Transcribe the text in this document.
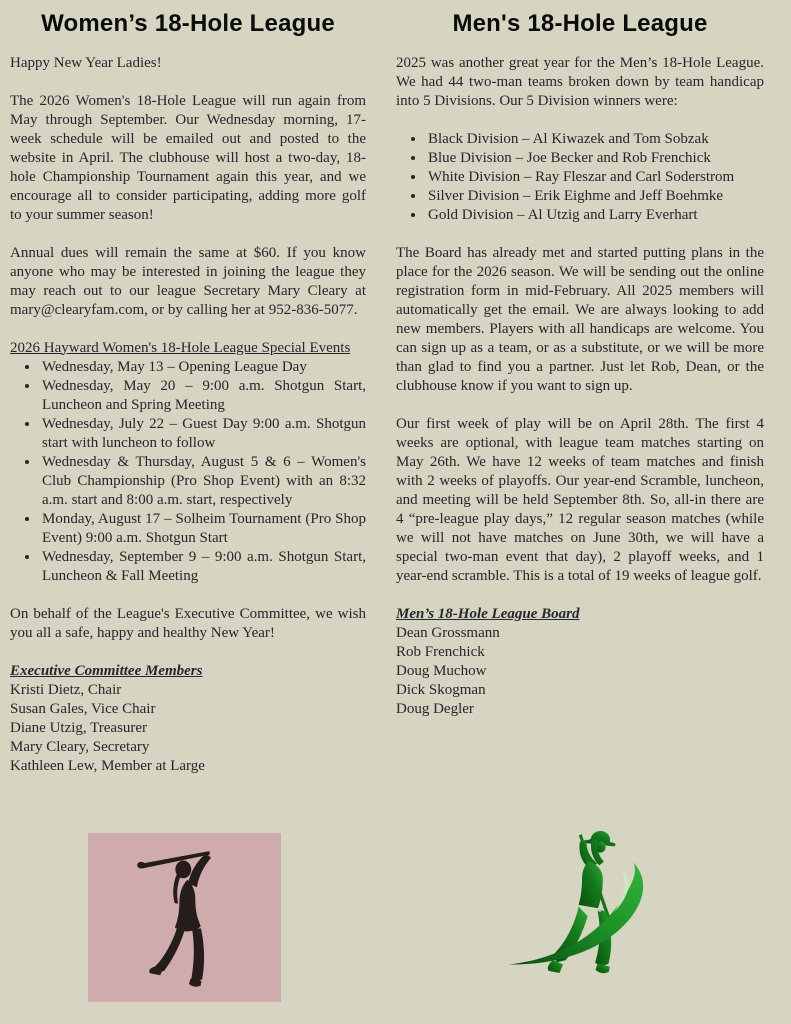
Women’s 18-Hole League

Happy New Year Ladies!

The 2026 Women's 18-Hole League will run again from May through September. Our Wednesday morning, 17-week schedule will be emailed out and posted to the website in April. The clubhouse will host a two-day, 18-hole Championship Tournament again this year, and we encourage all to consider participating, adding more golf to your summer season!

Annual dues will remain the same at $60. If you know anyone who may be interested in joining the league they may reach out to our league Secretary Mary Cleary at mary@clearyfam.com, or by calling her at 952-836-5077.

2026 Hayward Women's 18-Hole League Special Events
• Wednesday, May 13 – Opening League Day
• Wednesday, May 20 – 9:00 a.m. Shotgun Start, Luncheon and Spring Meeting
• Wednesday, July 22 – Guest Day 9:00 a.m. Shotgun start with luncheon to follow
• Wednesday & Thursday, August 5 & 6 – Women's Club Championship (Pro Shop Event) with an 8:32 a.m. start and 8:00 a.m. start, respectively
• Monday, August 17 – Solheim Tournament (Pro Shop Event) 9:00 a.m. Shotgun Start
• Wednesday, September 9 – 9:00 a.m. Shotgun Start, Luncheon & Fall Meeting

On behalf of the League's Executive Committee, we wish you all a safe, happy and healthy New Year!

Executive Committee Members
Kristi Dietz, Chair
Susan Gales, Vice Chair
Diane Utzig, Treasurer
Mary Cleary, Secretary
Kathleen Lew, Member at Large
Men's 18-Hole League

2025 was another great year for the Men’s 18-Hole League. We had 44 two-man teams broken down by team handicap into 5 Divisions. Our 5 Division winners were:

• Black Division – Al Kiwazek and Tom Sobzak
• Blue Division – Joe Becker and Rob Frenchick
• White Division – Ray Fleszar and Carl Soderstrom
• Silver Division – Erik Eighme and Jeff Boehmke
• Gold Division – Al Utzig and Larry Everhart

The Board has already met and started putting plans in the place for the 2026 season. We will be sending out the online registration form in mid-February. All 2025 members will automatically get the email. We are always looking to add new members. Players with all handicaps are welcome. You can sign up as a team, or as a substitute, or we will be more than glad to find you a partner. Just let Rob, Dean, or the clubhouse know if you want to sign up.

Our first week of play will be on April 28th. The first 4 weeks are optional, with league team matches starting on May 26th. We have 12 weeks of team matches and finish with 2 weeks of playoffs. Our year-end Scramble, luncheon, and meeting will be held September 8th. So, all-in there are 4 “pre-league play days,” 12 regular season matches (while we will not have matches on June 30th, we will have a special two-man event that day), 2 playoff weeks, and 1 year-end scramble. This is a total of 19 weeks of league golf.

Men’s 18-Hole League Board
Dean Grossmann
Rob Frenchick
Doug Muchow
Dick Skogman
Doug Degler
